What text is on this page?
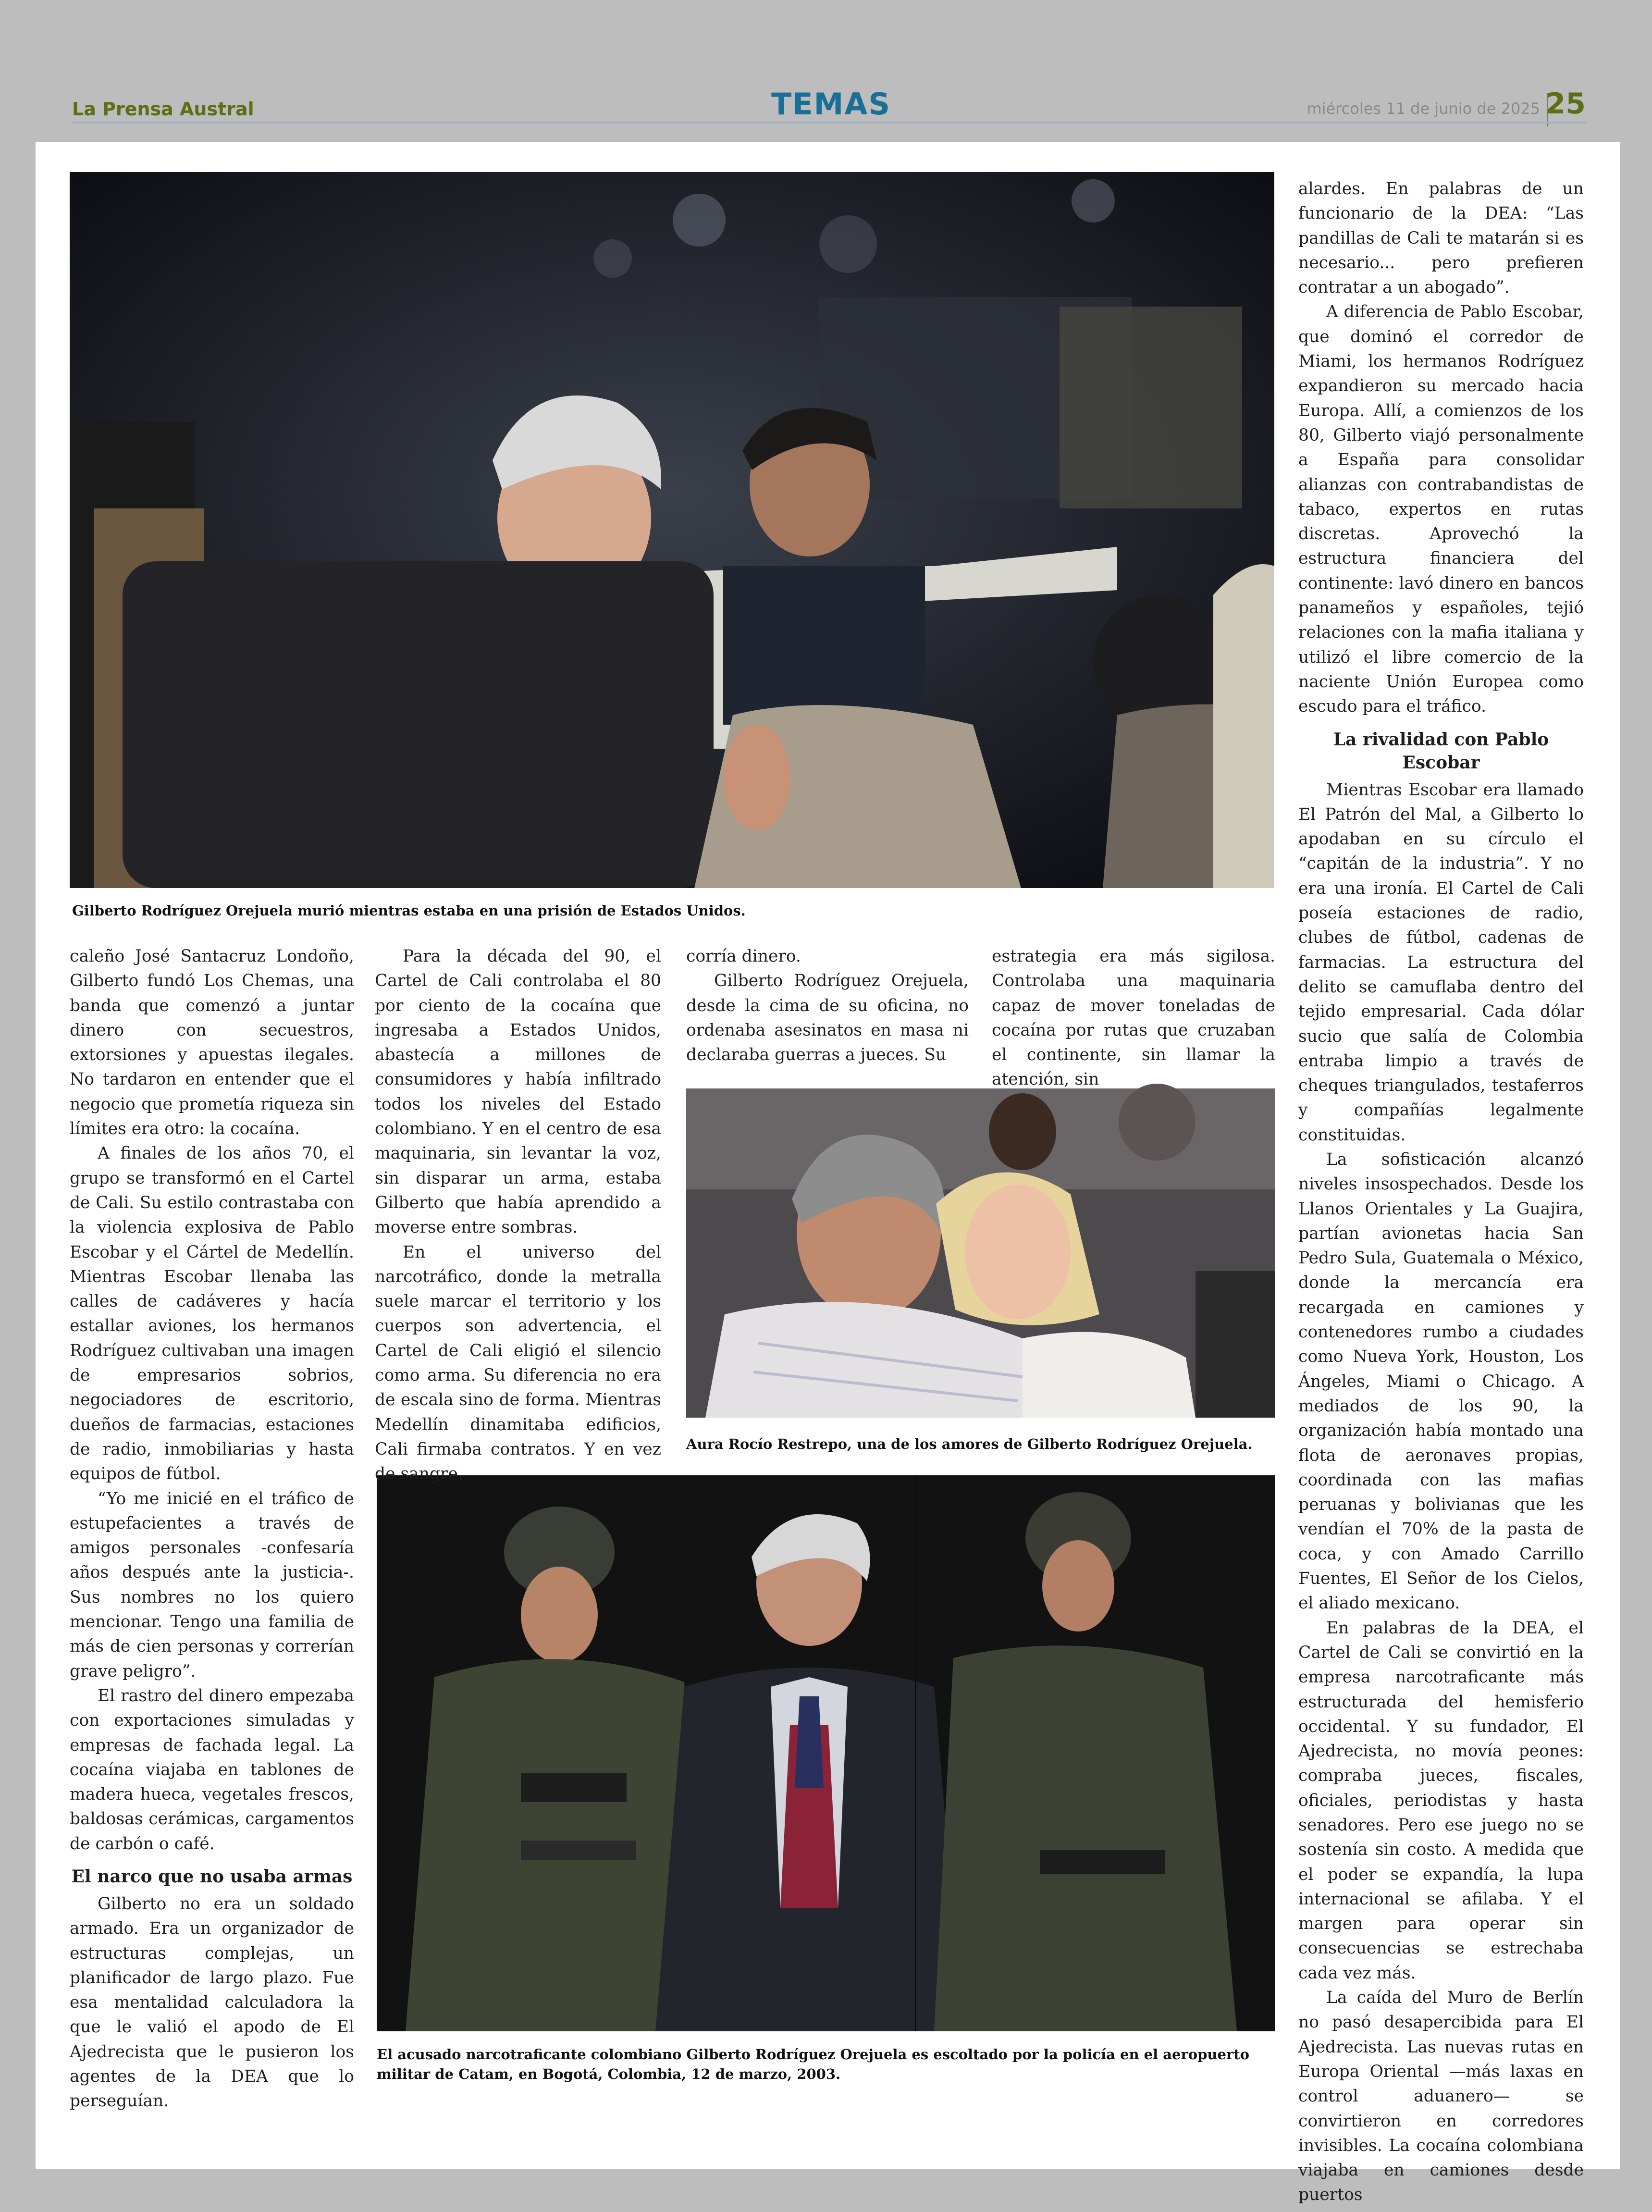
La Prensa Austral	TEMAS	miércoles 11 de junio de 2025 25
Gilberto Rodríguez Orejuela murió mientras estaba en una prisión de Estados Unidos.
Aura Rocío Restrepo, una de los amores de Gilberto Rodríguez Orejuela.
El acusado narcotraficante colombiano Gilberto Rodríguez Orejuela es escoltado por la policía en el aeropuerto militar de Catam, en Bogotá, Colombia, 12 de marzo, 2003.

caleño José Santacruz Londoño, Gilberto fundó Los Chemas, una banda que comenzó a juntar dinero con secuestros, extorsiones y apuestas ilegales. No tardaron en entender que el negocio que prometía riqueza sin límites era otro: la cocaína.

A finales de los años 70, el grupo se transformó en el Cartel de Cali. Su estilo contrastaba con la violencia explosiva de Pablo Escobar y el Cártel de Medellín. Mientras Escobar llenaba las calles de cadáveres y hacía estallar aviones, los hermanos Rodríguez cultivaban una imagen de empresarios sobrios, negociadores de escritorio, dueños de farmacias, estaciones de radio, inmobiliarias y hasta equipos de fútbol.

“Yo me inicié en el tráfico de estupefacientes a través de amigos personales -confesaría años después ante la justicia-. Sus nombres no los quiero mencionar. Tengo una familia de más de cien personas y correrían grave peligro”.

El rastro del dinero empezaba con exportaciones simuladas y empresas de fachada legal. La cocaína viajaba en tablones de madera hueca, vegetales frescos, baldosas cerámicas, cargamentos de carbón o café.

El narco que no usaba armas

Gilberto no era un soldado armado. Era un organizador de estructuras complejas, un planificador de largo plazo. Fue esa mentalidad calculadora la que le valió el apodo de El Ajedrecista que le pusieron los agentes de la DEA que lo perseguían.

Para la década del 90, el Cartel de Cali controlaba el 80 por ciento de la cocaína que ingresaba a Estados Unidos, abastecía a millones de consumidores y había infiltrado todos los niveles del Estado colombiano. Y en el centro de esa maquinaria, sin levantar la voz, sin disparar un arma, estaba Gilberto que había aprendido a moverse entre sombras.

En el universo del narcotráfico, donde la metralla suele marcar el territorio y los cuerpos son advertencia, el Cartel de Cali eligió el silencio como arma. Su diferencia no era de escala sino de forma. Mientras Medellín dinamitaba edificios, Cali firmaba contratos. Y en vez de sangre,

corría dinero.

Gilberto Rodríguez Orejuela, desde la cima de su oficina, no ordenaba asesinatos en masa ni declaraba guerras a jueces. Su

estrategia era más sigilosa. Controlaba una maquinaria capaz de mover toneladas de cocaína por rutas que cruzaban el continente, sin llamar la atención, sin

alardes. En palabras de un funcionario de la DEA: “Las pandillas de Cali te matarán si es necesario... pero prefieren contratar a un abogado”.

A diferencia de Pablo Escobar, que dominó el corredor de Miami, los hermanos Rodríguez expandieron su mercado hacia Europa. Allí, a comienzos de los 80, Gilberto viajó personalmente a España para consolidar alianzas con contrabandistas de tabaco, expertos en rutas discretas. Aprovechó la estructura financiera del continente: lavó dinero en bancos panameños y españoles, tejió relaciones con la mafia italiana y utilizó el libre comercio de la naciente Unión Europea como escudo para el tráfico.

La rivalidad con Pablo Escobar

Mientras Escobar era llamado El Patrón del Mal, a Gilberto lo apodaban en su círculo el “capitán de la industria”. Y no era una ironía. El Cartel de Cali poseía estaciones de radio, clubes de fútbol, cadenas de farmacias. La estructura del delito se camuflaba dentro del tejido empresarial. Cada dólar sucio que salía de Colombia entraba limpio a través de cheques triangulados, testaferros y compañías legalmente constituidas.

La sofisticación alcanzó niveles insospechados. Desde los Llanos Orientales y La Guajira, partían avionetas hacia San Pedro Sula, Guatemala o México, donde la mercancía era recargada en camiones y contenedores rumbo a ciudades como Nueva York, Houston, Los Ángeles, Miami o Chicago. A mediados de los 90, la organización había montado una flota de aeronaves propias, coordinada con las mafias peruanas y bolivianas que les vendían el 70% de la pasta de coca, y con Amado Carrillo Fuentes, El Señor de los Cielos, el aliado mexicano.

En palabras de la DEA, el Cartel de Cali se convirtió en la empresa narcotraficante más estructurada del hemisferio occidental. Y su fundador, El Ajedrecista, no movía peones: compraba jueces, fiscales, oficiales, periodistas y hasta senadores. Pero ese juego no se sostenía sin costo. A medida que el poder se expandía, la lupa internacional se afilaba. Y el margen para operar sin consecuencias se estrechaba cada vez más.

La caída del Muro de Berlín no pasó desapercibida para El Ajedrecista. Las nuevas rutas en Europa Oriental —más laxas en control aduanero— se convirtieron en corredores invisibles. La cocaína colombiana viajaba en camiones desde puertos
